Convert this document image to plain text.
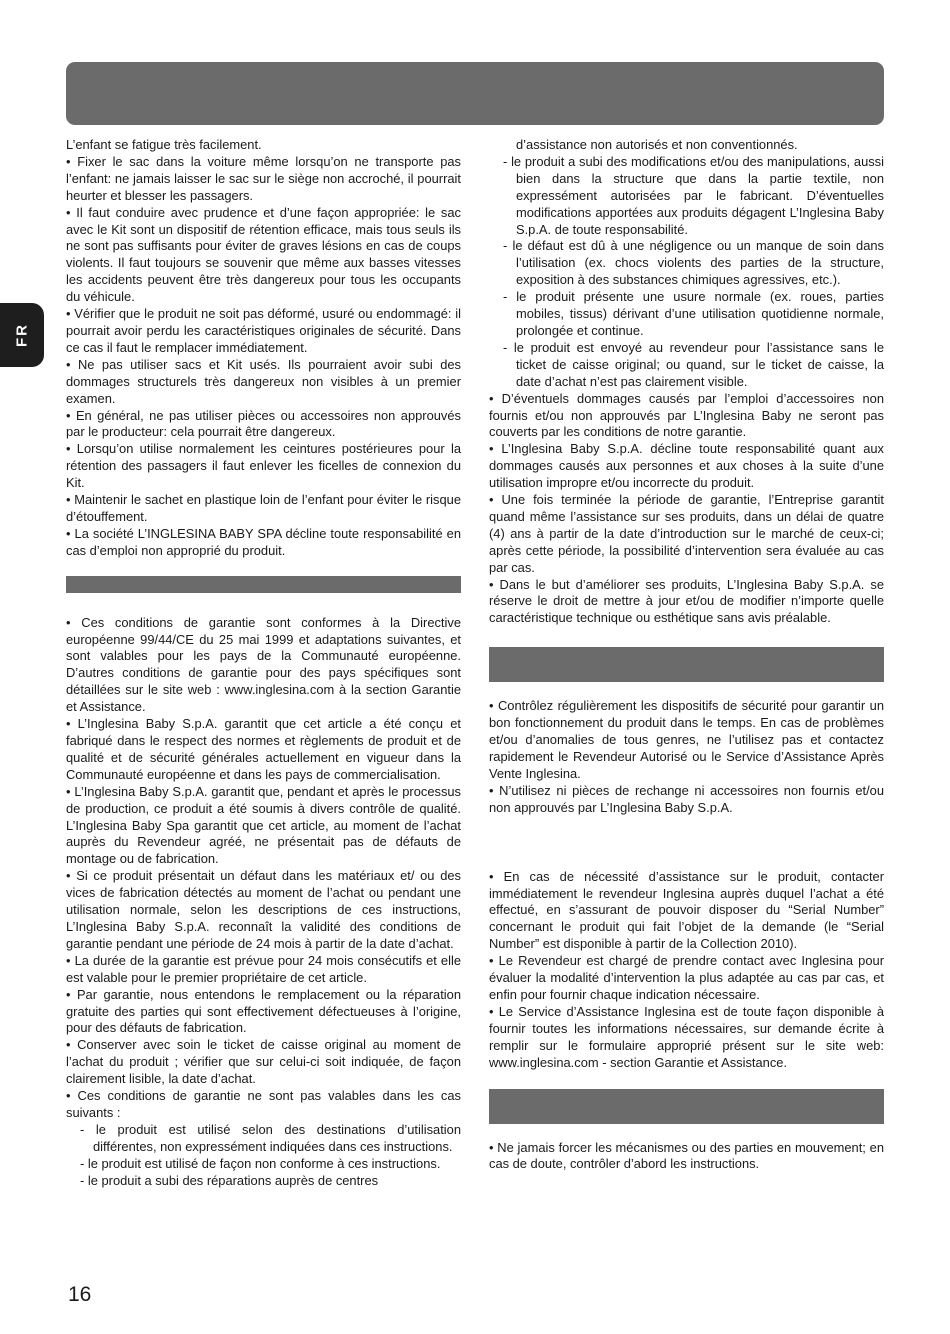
FR

L’enfant se fatigue très facilement.

• Fixer le sac dans la voiture même lorsqu’on ne transporte pas l’enfant: ne jamais laisser le sac sur le siège non accroché, il pourrait heurter et blesser les passagers.

• Il faut conduire avec prudence et d’une façon appropriée: le sac avec le Kit sont un dispositif de rétention efficace, mais tous seuls ils ne sont pas suffisants pour éviter de graves lésions en cas de coups violents. Il faut toujours se souvenir que même aux basses vitesses les accidents peuvent être très dangereux pour tous les occupants du véhicule.

• Vérifier que le produit ne soit pas déformé, usuré ou endommagé: il pourrait avoir perdu les caractéristiques originales de sécurité. Dans ce cas il faut le remplacer immédiatement.

• Ne pas utiliser sacs et Kit usés. Ils pourraient avoir subi des dommages structurels très dangereux non visibles à un premier examen.

• En général, ne pas utiliser pièces ou accessoires non approuvés par le producteur: cela pourrait être dangereux.

• Lorsqu’on utilise normalement les ceintures postérieures pour la rétention des passagers il faut enlever les ficelles de connexion du Kit.

• Maintenir le sachet en plastique loin de l’enfant pour éviter le risque d’étouffement.

• La société L’INGLESINA BABY SPA décline toute responsabilité en cas d’emploi non approprié du produit.

• Ces conditions de garantie sont conformes à la Directive européenne 99/44/CE du 25 mai 1999 et adaptations suivantes, et sont valables pour les pays de la Communauté européenne. D’autres conditions de garantie pour des pays spécifiques sont détaillées sur le site web : www.inglesina.com à la section Garantie et Assistance.

• L’Inglesina Baby S.p.A. garantit que cet article a été conçu et fabriqué dans le respect des normes et règlements de produit et de qualité et de sécurité générales actuellement en vigueur dans la Communauté européenne et dans les pays de commercialisation.

• L’Inglesina Baby S.p.A. garantit que, pendant et après le processus de production, ce produit a été soumis à divers contrôle de qualité. L’Inglesina Baby Spa garantit que cet article, au moment de l’achat auprès du Revendeur agréé, ne présentait pas de défauts de montage ou de fabrication.

• Si ce produit présentait un défaut dans les matériaux et/ ou des vices de fabrication détectés au moment de l’achat ou pendant une utilisation normale, selon les descriptions de ces instructions, L’Inglesina Baby S.p.A. reconnaît la validité des conditions de garantie pendant une période de 24 mois à partir de la date d’achat.

• La durée de la garantie est prévue pour 24 mois consécutifs et elle est valable pour le premier propriétaire de cet article.

• Par garantie, nous entendons le remplacement ou la réparation gratuite des parties qui sont effectivement défectueuses à l’origine, pour des défauts de fabrication.

• Conserver avec soin le ticket de caisse original au moment de l’achat du produit ; vérifier que sur celui-ci soit indiquée, de façon clairement lisible, la date d’achat.

• Ces conditions de garantie ne sont pas valables dans les cas suivants :

- le produit est utilisé selon des destinations d’utilisation différentes, non expressément indiquées dans ces instructions.

- le produit est utilisé de façon non conforme à ces instructions.

- le produit a subi des réparations auprès de centres

d’assistance non autorisés et non conventionnés.

- le produit a subi des modifications et/ou des manipulations, aussi bien dans la structure que dans la partie textile, non expressément autorisées par le fabricant. D’éventuelles modifications apportées aux produits dégagent L’Inglesina Baby S.p.A. de toute responsabilité.

- le défaut est dû à une négligence ou un manque de soin dans l’utilisation (ex. chocs violents des parties de la structure, exposition à des substances chimiques agressives, etc.).

- le produit présente une usure normale (ex. roues, parties mobiles, tissus) dérivant d’une utilisation quotidienne normale, prolongée et continue.

- le produit est envoyé au revendeur pour l’assistance sans le ticket de caisse original; ou quand, sur le ticket de caisse, la date d’achat n’est pas clairement visible.

• D’éventuels dommages causés par l’emploi d’accessoires non fournis et/ou non approuvés par L’Inglesina Baby ne seront pas couverts par les conditions de notre garantie.

• L’Inglesina Baby S.p.A. décline toute responsabilité quant aux dommages causés aux personnes et aux choses à la suite d’une utilisation impropre et/ou incorrecte du produit.

• Une fois terminée la période de garantie, l’Entreprise garantit quand même l’assistance sur ses produits, dans un délai de quatre (4) ans à partir de la date d’introduction sur le marché de ceux-ci; après cette période, la possibilité d’intervention sera évaluée au cas par cas.

• Dans le but d’améliorer ses produits, L’Inglesina Baby S.p.A. se réserve le droit de mettre à jour et/ou de modifier n’importe quelle caractéristique technique ou esthétique sans avis préalable.

• Contrôlez régulièrement les dispositifs de sécurité pour garantir un bon fonctionnement du produit dans le temps. En cas de problèmes et/ou d’anomalies de tous genres, ne l’utilisez pas et contactez rapidement le Revendeur Autorisé ou le Service d’Assistance Après Vente Inglesina.

• N’utilisez ni pièces de rechange ni accessoires non fournis et/ou non approuvés par L’Inglesina Baby S.p.A.

• En cas de nécessité d’assistance sur le produit, contacter immédiatement le revendeur Inglesina auprès duquel l’achat a été effectué, en s’assurant de pouvoir disposer du “Serial Number” concernant le produit qui fait l’objet de la demande (le “Serial Number” est disponible à partir de la Collection 2010).

• Le Revendeur est chargé de prendre contact avec Inglesina pour évaluer la modalité d’intervention la plus adaptée au cas par cas, et enfin pour fournir chaque indication nécessaire.

• Le Service d’Assistance Inglesina est de toute façon disponible à fournir toutes les informations nécessaires, sur demande écrite à remplir sur le formulaire approprié présent sur le site web: www.inglesina.com - section Garantie et Assistance.

• Ne jamais forcer les mécanismes ou des parties en mouvement; en cas de doute, contrôler d’abord les instructions.

16
